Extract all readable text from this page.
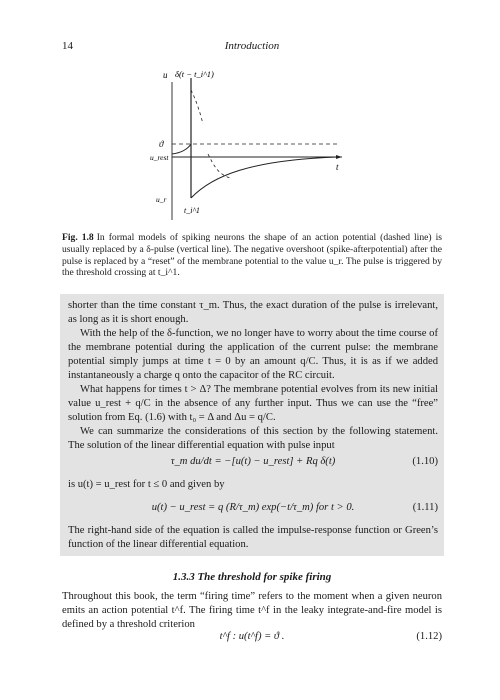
14	Introduction
u δ(t − t_i^1)
t
ϑ
u_rest
u_r
t_i^1
Fig. 1.8 In formal models of spiking neurons the shape of an action potential (dashed line) is usually replaced by a δ-pulse (vertical line). The negative overshoot (spike-afterpotential) after the pulse is replaced by a “reset” of the membrane potential to the value u_r. The pulse is triggered by the threshold crossing at t_i^1.
shorter than the time constant τ_m. Thus, the exact duration of the pulse is irrelevant, as long as it is short enough.
With the help of the δ-function, we no longer have to worry about the time course of the membrane potential during the application of the current pulse: the membrane potential simply jumps at time t = 0 by an amount q/C. Thus, it is as if we added instantaneously a charge q onto the capacitor of the RC circuit.
What happens for times t > Δ? The membrane potential evolves from its new initial value u_rest + q/C in the absence of any further input. Thus we can use the “free” solution from Eq. (1.6) with t₀ = Δ and Δu = q/C.
We can summarize the considerations of this section by the following statement. The solution of the linear differential equation with pulse input
τ_m du/dt = −[u(t) − u_rest] + Rq δ(t)	(1.10)
is u(t) = u_rest for t ≤ 0 and given by
u(t) − u_rest = q (R/τ_m) exp(−t/τ_m) for t > 0.	(1.11)
The right-hand side of the equation is called the impulse-response function or Green’s function of the linear differential equation.
1.3.3 The threshold for spike firing
Throughout this book, the term “firing time” refers to the moment when a given neuron emits an action potential t^f. The firing time t^f in the leaky integrate-and-fire model is defined by a threshold criterion
t^f : u(t^f) = ϑ .	(1.12)
